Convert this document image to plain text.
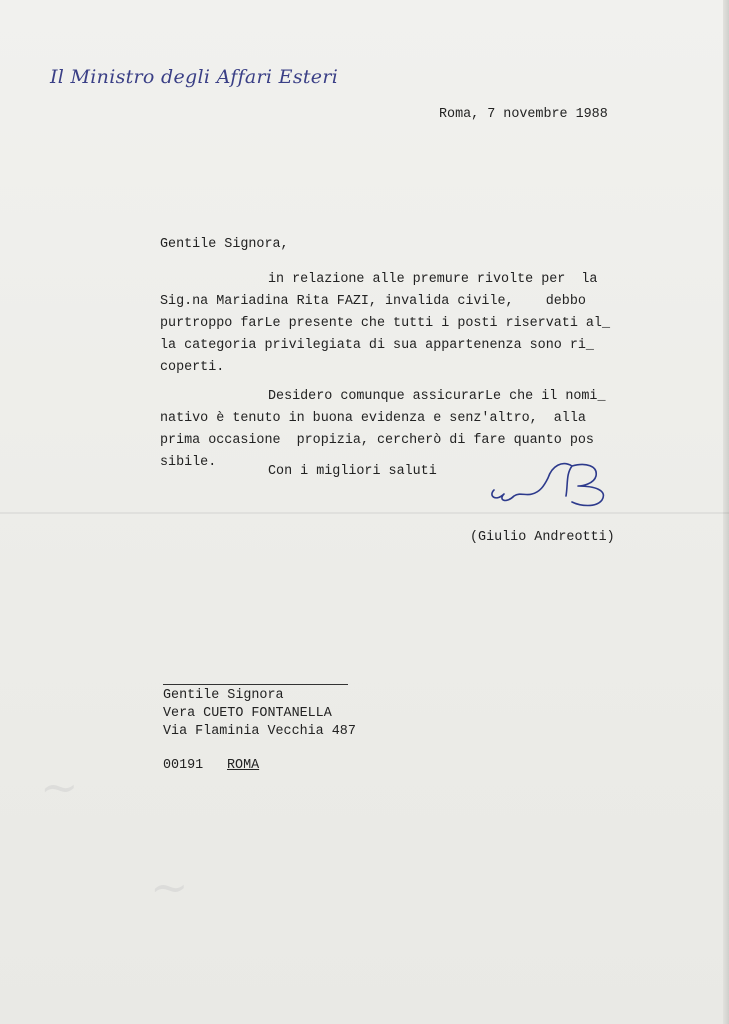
~
~
Il Ministro degli Affari Esteri
Roma, 7 novembre 1988
Gentile Signora,
in relazione alle premure rivolte per  la
Sig.na Mariadina Rita FAZI, invalida civile,    debbo
purtroppo farLe presente che tutti i posti riservati al_
la categoria privilegiata di sua appartenenza sono ri_
coperti.
Desidero comunque assicurarLe che il nomi_
nativo è tenuto in buona evidenza e senz'altro,  alla
prima occasione  propizia, cercherò di fare quanto pos
sibile.
Con i migliori saluti
(Giulio Andreotti)
Gentile Signora
Vera CUETO FONTANELLA
Via Flaminia Vecchia 487
00191 ROMA
